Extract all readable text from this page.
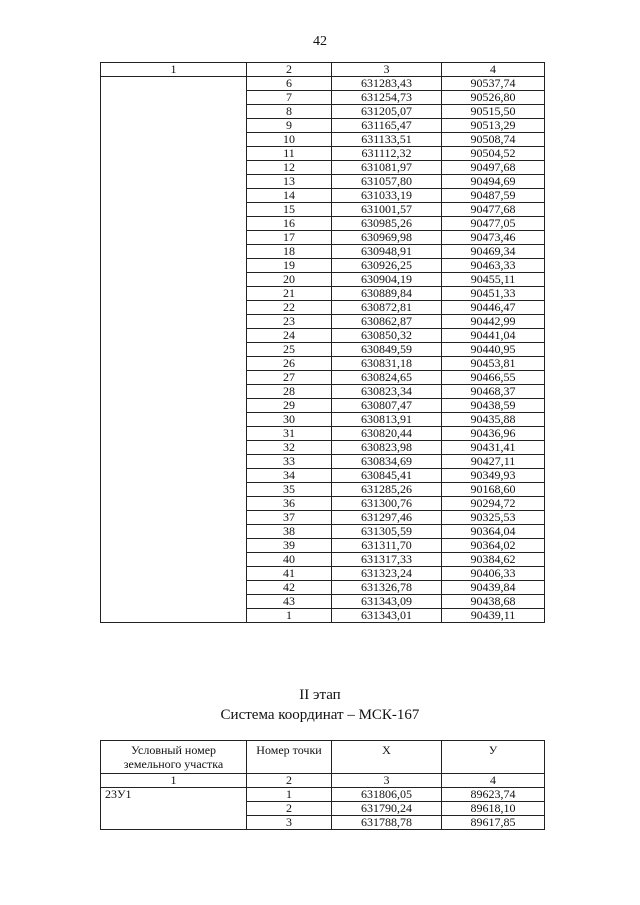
42
1	2	3	4
	6	631283,43	90537,74
	7	631254,73	90526,80
	8	631205,07	90515,50
	9	631165,47	90513,29
	10	631133,51	90508,74
	11	631112,32	90504,52
	12	631081,97	90497,68
	13	631057,80	90494,69
	14	631033,19	90487,59
	15	631001,57	90477,68
	16	630985,26	90477,05
	17	630969,98	90473,46
	18	630948,91	90469,34
	19	630926,25	90463,33
	20	630904,19	90455,11
	21	630889,84	90451,33
	22	630872,81	90446,47
	23	630862,87	90442,99
	24	630850,32	90441,04
	25	630849,59	90440,95
	26	630831,18	90453,81
	27	630824,65	90466,55
	28	630823,34	90468,37
	29	630807,47	90438,59
	30	630813,91	90435,88
	31	630820,44	90436,96
	32	630823,98	90431,41
	33	630834,69	90427,11
	34	630845,41	90349,93
	35	631285,26	90168,60
	36	631300,76	90294,72
	37	631297,46	90325,53
	38	631305,59	90364,04
	39	631311,70	90364,02
	40	631317,33	90384,62
	41	631323,24	90406,33
	42	631326,78	90439,84
	43	631343,09	90438,68
	1	631343,01	90439,11
II этап
Система координат – МСК-167
Условный номер земельного участка	Номер точки	X	У
1	2	3	4
23У1	1	631806,05	89623,74
	2	631790,24	89618,10
	3	631788,78	89617,85
